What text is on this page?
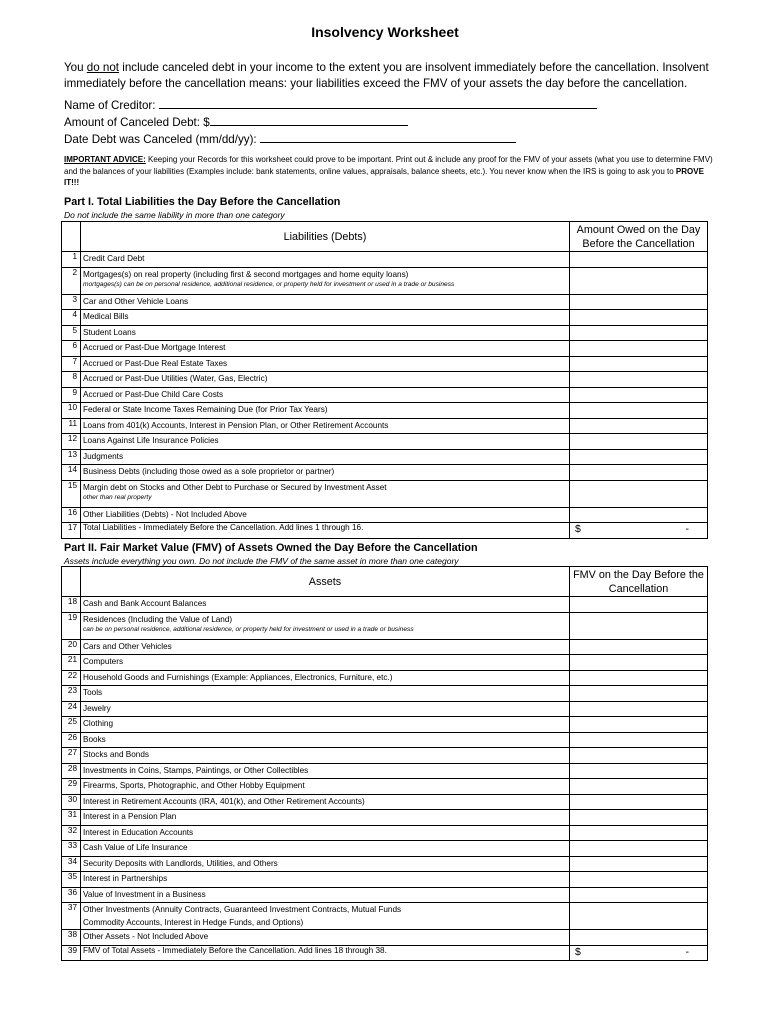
Insolvency Worksheet
You do not include canceled debt in your income to the extent you are insolvent immediately before the cancellation. Insolvent immediately before the cancellation means: your liabilities exceed the FMV of your assets the day before the cancellation.
Name of Creditor:
Amount of Canceled Debt: $
Date Debt was Canceled (mm/dd/yy):
IMPORTANT ADVICE: Keeping your Records for this worksheet could prove to be important. Print out & include any proof for the FMV of your assets (what you use to determine FMV) and the balances of your liabilities (Examples include: bank statements, online values, appraisals, balance sheets, etc.). You never know when the IRS is going to ask you to PROVE IT!!!
Part I. Total Liabilities the Day Before the Cancellation
Do not include the same liability in more than one category
	Liabilities (Debts)	Amount Owed on the Day Before the Cancellation
1	Credit Card Debt	

2	Mortgages(s) on real property (including first & second mortgages and home equity loans)
mortgages(s) can be on personal residence, additional residence, or property held for investment or used in a trade or business	

3	Car and Other Vehicle Loans	

4	Medical Bills	

5	Student Loans	

6	Accrued or Past-Due Mortgage Interest	

7	Accrued or Past-Due Real Estate Taxes	

8	Accrued or Past-Due Utilities (Water, Gas, Electric)	

9	Accrued or Past-Due Child Care Costs	

10	Federal or State Income Taxes Remaining Due (for Prior Tax Years)	

11	Loans from 401(k) Accounts, Interest in Pension Plan, or Other Retirement Accounts	

12	Loans Against Life Insurance Policies	

13	Judgments	

14	Business Debts (including those owed as a sole proprietor or partner)	

15	Margin debt on Stocks and Other Debt to Purchase or Secured by Investment Asset
other than real property	

16	Other Liabilities (Debts) - Not Included Above	

17	Total Liabilities - Immediately Before the Cancellation. Add lines 1 through 16.	$ -
Part II. Fair Market Value (FMV) of Assets Owned the Day Before the Cancellation
Assets include everything you own. Do not include the FMV of the same asset in more than one category
	Assets	FMV on the Day Before the Cancellation
18	Cash and Bank Account Balances	

19	Residences (Including the Value of Land)
can be on personal residence, additional residence, or property held for investment or used in a trade or business	

20	Cars and Other Vehicles	

21	Computers	

22	Household Goods and Furnishings (Example: Appliances, Electronics, Furniture, etc.)	

23	Tools	

24	Jewelry	

25	Clothing	

26	Books	

27	Stocks and Bonds	

28	Investments in Coins, Stamps, Paintings, or Other Collectibles	

29	Firearms, Sports, Photographic, and Other Hobby Equipment	

30	Interest in Retirement Accounts (IRA, 401(k), and Other Retirement Accounts)	

31	Interest in a Pension Plan	

32	Interest in Education Accounts	

33	Cash Value of Life Insurance	

34	Security Deposits with Landlords, Utilities, and Others	

35	Interest in Partnerships	

36	Value of Investment in a Business	

37	Other Investments (Annuity Contracts, Guaranteed Investment Contracts, Mutual Funds
Commodity Accounts, Interest in Hedge Funds, and Options)	

38	Other Assets - Not Included Above	

39	FMV of Total Assets - Immediately Before the Cancellation. Add lines 18 through 38.	$ -
